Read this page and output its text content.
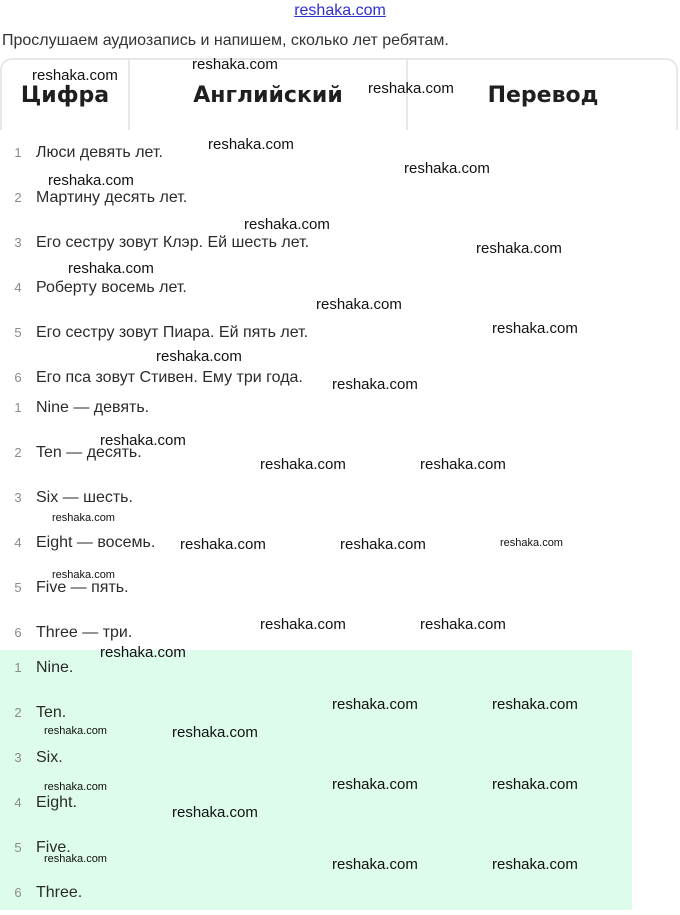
reshaka.com
Прослушаем аудиозапись и напишем, сколько лет ребятам.
Цифра	Английский	Перевод
1 Люси девять лет.
2 Мартину десять лет.
3 Его сестру зовут Клэр. Ей шесть лет.
4 Роберту восемь лет.
5 Его сестру зовут Пиара. Ей пять лет.
6 Его пса зовут Стивен. Ему три года.
1 Nine — девять.
2 Ten — десять.
3 Six — шесть.
4 Eight — восемь.
5 Five — пять.
6 Three — три.
1 Nine.
2 Ten.
3 Six.
4 Eight.
5 Five.
6 Three.
reshaka.com
reshaka.com
reshaka.com
reshaka.com
reshaka.com
reshaka.com
reshaka.com
reshaka.com
reshaka.com
reshaka.com
reshaka.com
reshaka.com
reshaka.com
reshaka.com
reshaka.com	reshaka.com
reshaka.com
reshaka.com	reshaka.com	reshaka.com
reshaka.com
reshaka.com	reshaka.com
reshaka.com
reshaka.com	reshaka.com
reshaka.com	reshaka.com
reshaka.com	reshaka.com
reshaka.com
reshaka.com
reshaka.com	reshaka.com	reshaka.com
